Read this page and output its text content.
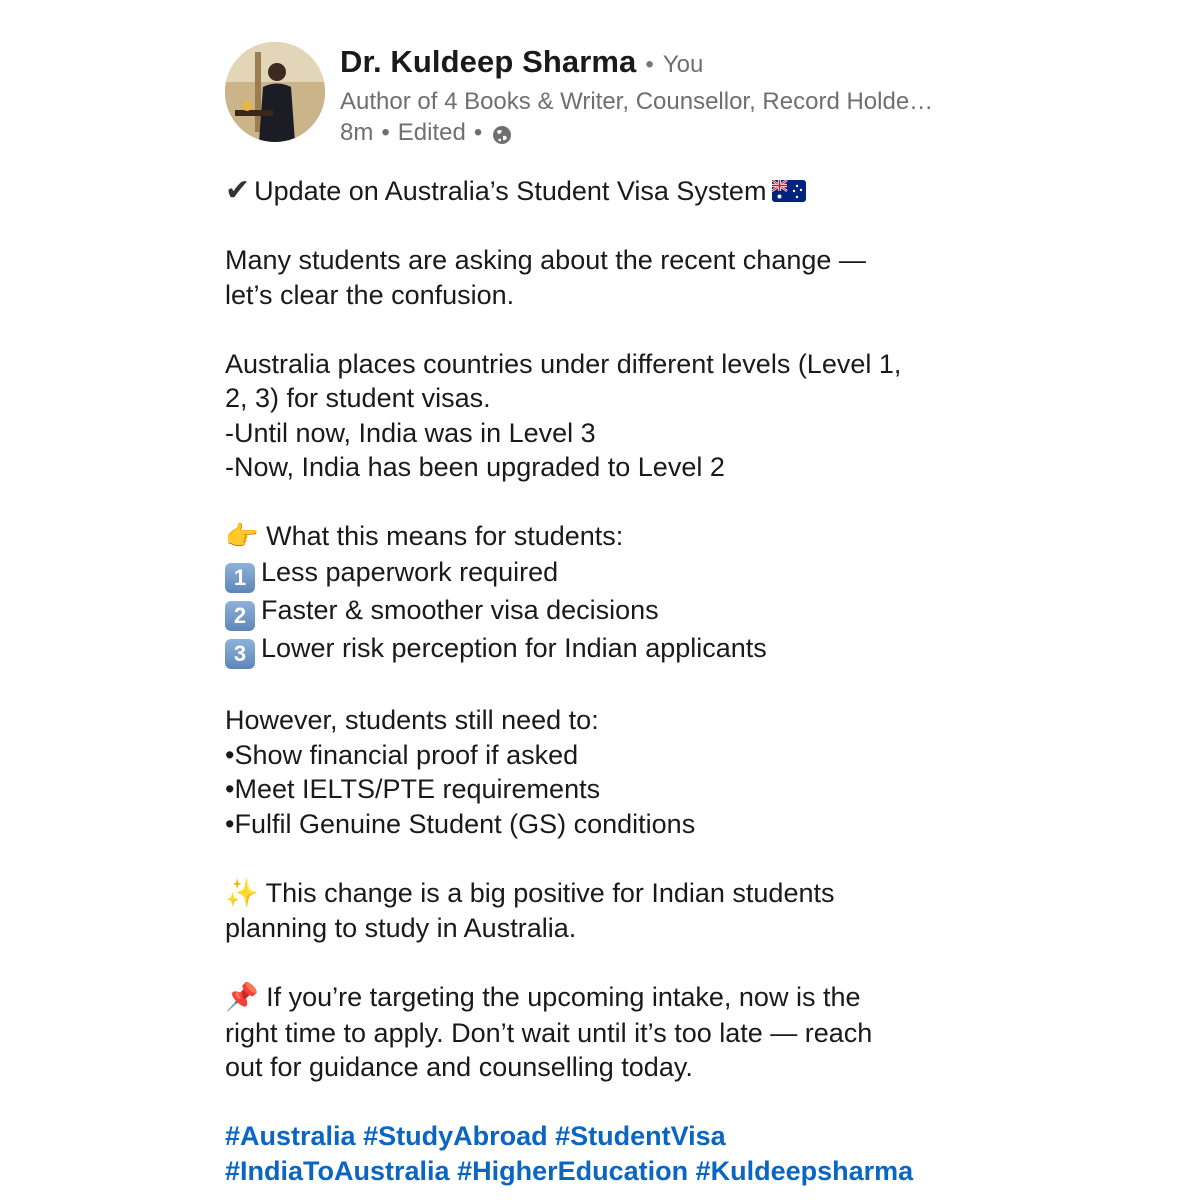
Dr. Kuldeep Sharma • You
Author of 4 Books & Writer, Counsellor, Record Holde…
8m • Edited •
✔ Update on Australia’s Student Visa System
Many students are asking about the recent change —
let’s clear the confusion.
Australia places countries under different levels (Level 1,
2, 3) for student visas.
-Until now, India was in Level 3
-Now, India has been upgraded to Level 2
👉 What this means for students:
1 Less paperwork required
2 Faster & smoother visa decisions
3 Lower risk perception for Indian applicants
However, students still need to:
•Show financial proof if asked
•Meet IELTS/PTE requirements
•Fulfil Genuine Student (GS) conditions
✨ This change is a big positive for Indian students
planning to study in Australia.
📌 If you’re targeting the upcoming intake, now is the
right time to apply. Don’t wait until it’s too late — reach
out for guidance and counselling today.
#Australia #StudyAbroad #StudentVisa
#IndiaToAustralia #HigherEducation #Kuldeepsharma
